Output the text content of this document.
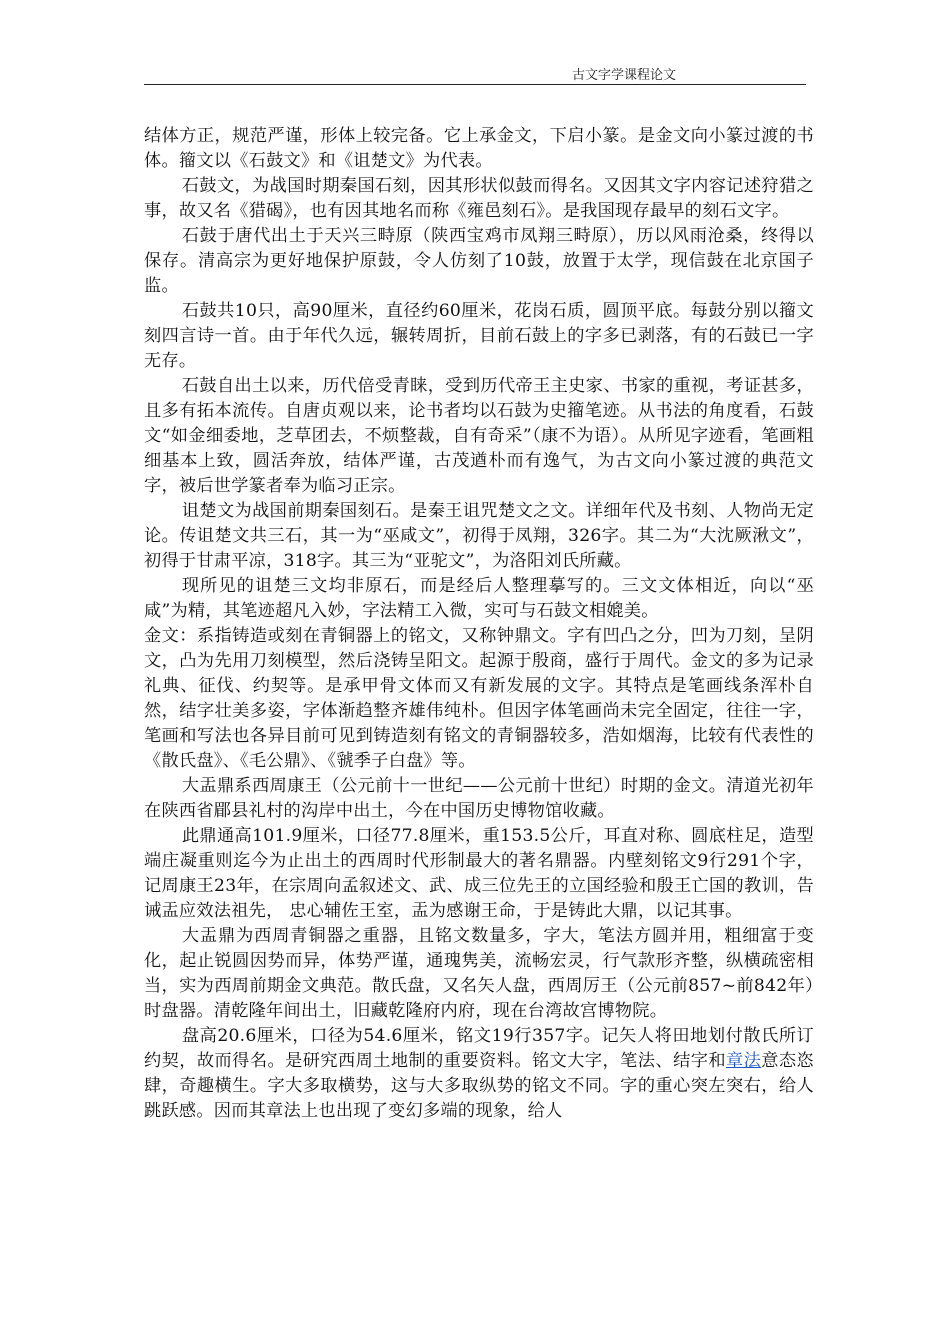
古文字学课程论文

结体方正，规范严谨，形体上较完备。它上承金文，下启小篆。是金文向小篆过渡的书体。籀文以《石鼓文》和《诅楚文》为代表。

石鼓文，为战国时期秦国石刻，因其形状似鼓而得名。又因其文字内容记述狩猎之事，故又名《猎碣》，也有因其地名而称《雍邑刻石》。是我国现存最早的刻石文字。

石鼓于唐代出土于天兴三畤原（陕西宝鸡市凤翔三畤原），历以风雨沧桑，终得以保存。清高宗为更好地保护原鼓，令人仿刻了10鼓，放置于太学，现信鼓在北京国子监。

石鼓共10只，高90厘米，直径约60厘米，花岗石质，圆顶平底。每鼓分别以籀文刻四言诗一首。由于年代久远，辗转周折，目前石鼓上的字多已剥落，有的石鼓已一字无存。

石鼓自出土以来，历代倍受青睐，受到历代帝王主史家、书家的重视，考证甚多，且多有拓本流传。自唐贞观以来，论书者均以石鼓为史籀笔迹。从书法的角度看，石鼓文“如金细委地，芝草团去，不烦整裁，自有奇采”（康不为语）。从所见字迹看，笔画粗细基本上致，圆活奔放，结体严谨，古茂遒朴而有逸气，为古文向小篆过渡的典范文字，被后世学篆者奉为临习正宗。

诅楚文为战国前期秦国刻石。是秦王诅咒楚文之文。详细年代及书刻、人物尚无定论。传诅楚文共三石，其一为“巫咸文”，初得于凤翔，326字。其二为“大沈厥湫文”，初得于甘肃平凉，318字。其三为“亚驼文”，为洛阳刘氏所藏。

现所见的诅楚三文均非原石，而是经后人整理摹写的。三文文体相近，向以“巫咸”为精，其笔迹超凡入妙，字法精工入微，实可与石鼓文相媲美。

金文：系指铸造或刻在青铜器上的铭文，又称钟鼎文。字有凹凸之分，凹为刀刻，呈阴文，凸为先用刀刻模型，然后浇铸呈阳文。起源于殷商，盛行于周代。金文的多为记录礼典、征伐、约契等。是承甲骨文体而又有新发展的文字。其特点是笔画线条浑朴自然，结字壮美多姿，字体渐趋整齐雄伟纯朴。但因字体笔画尚未完全固定，往往一字，笔画和写法也各异目前可见到铸造刻有铭文的青铜器较多，浩如烟海，比较有代表性的《散氏盘》、《毛公鼎》、《虢季子白盘》等。

大盂鼎系西周康王（公元前十一世纪——公元前十世纪）时期的金文。清道光初年在陕西省郿县礼村的沟岸中出土，今在中国历史博物馆收藏。

此鼎通高101.9厘米，口径77.8厘米，重153.5公斤，耳直对称、圆底柱足，造型端庄凝重则迄今为止出土的西周时代形制最大的著名鼎器。内壁刻铭文9行291个字，记周康王23年，在宗周向孟叙述文、武、成三位先王的立国经验和殷王亡国的教训，告诫盂应效法祖先， 忠心辅佐王室，盂为感谢王命，于是铸此大鼎，以记其事。

大盂鼎为西周青铜器之重器，且铭文数量多，字大，笔法方圆并用，粗细富于变化，起止锐圆因势而异，体势严谨，通瑰隽美，流畅宏灵，行气款形齐整，纵横疏密相当，实为西周前期金文典范。散氏盘，又名矢人盘，西周厉王（公元前857~前842年）时盘器。清乾隆年间出土，旧藏乾隆府内府，现在台湾故宫博物院。

盘高20.6厘米，口径为54.6厘米，铭文19行357字。记矢人将田地划付散氏所订约契，故而得名。是研究西周土地制的重要资料。铭文大字，笔法、结字和章法意态恣肆，奇趣横生。字大多取横势，这与大多取纵势的铭文不同。字的重心突左突右，给人跳跃感。因而其章法上也出现了变幻多端的现象，给人
